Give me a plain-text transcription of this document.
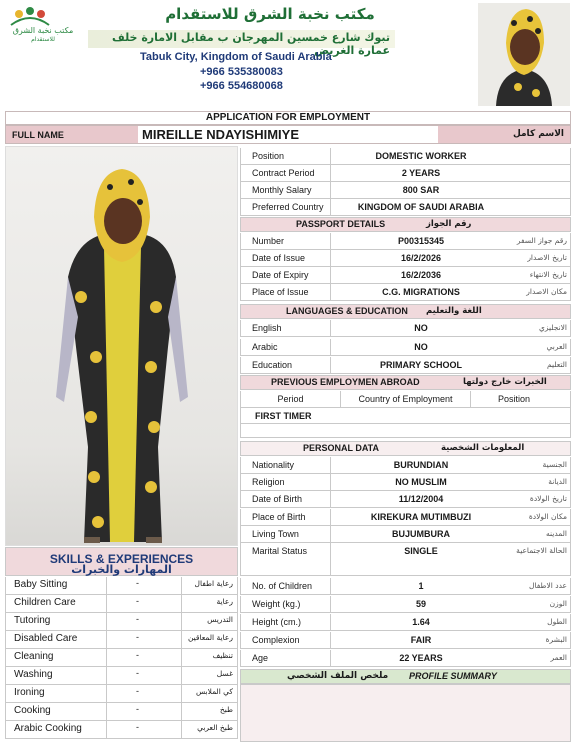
مكتب نخبة الشرق
للاستقدام
مكتب نخبة الشرق للاستقدام
تبوك شارع خمسين المهرجان ب مقابل الامارة خلف عمارة الغريض
Tabuk City, Kingdom of Saudi Arabia
+966 535380083
+966 554680068
APPLICATION FOR EMPLOYMENT
FULL NAME	MIREILLE NDAYISHIMIYE	الاسم كامل
Position	DOMESTIC WORKER
Contract Period	2 YEARS
Monthly Salary	800 SAR
Preferred Country	KINGDOM OF SAUDI ARABIA
PASSPORT DETAILS	رقم الجواز
Number	P00315345	رقم جواز السفر
Date of Issue	16/2/2026	تاريخ الاصدار
Date of Expiry	16/2/2036	تاريخ الانتهاء
Place of Issue	C.G. MIGRATIONS	مكان الاصدار
LANGUAGES & EDUCATION اللغة والتعليم
English	NO	الانجليزي
Arabic	NO	العربي
Education	PRIMARY SCHOOL	التعليم
PREVIOUS EMPLOYMEN ABROAD	الخبرات خارج دولتها
Period	Country of Employment	Position
FIRST TIMER
PERSONAL DATA	المعلومات الشخصية
Nationality	BURUNDIAN	الجنسية
Religion	NO MUSLIM	الديانة
Date of Birth	11/12/2004	تاريخ الولادة
Place of Birth	KIREKURA MUTIMBUZI	مكان الولادة
Living Town	BUJUMBURA	المدينه
Marital Status	SINGLE	الحالة الاجتماعية
No. of Children	1	عدد الاطفال
Weight (kg.)	59	الوزن
Height (cm.)	1.64	الطول
Complexion	FAIR	البشرة
Age	22 YEARS	العمر
ملخص الملف الشخصي PROFILE SUMMARY
SKILLS & EXPERIENCES
المهارات والخبرات
Baby Sitting	-	رعاية اطفال
Children Care	-	رعاية
Tutoring	-	التدريس
Disabled Care	-	رعاية المعاقين
Cleaning	-	تنظيف
Washing	-	غسل
Ironing	-	كي الملابس
Cooking	-	طبخ
Arabic Cooking	-	طبخ العربي
